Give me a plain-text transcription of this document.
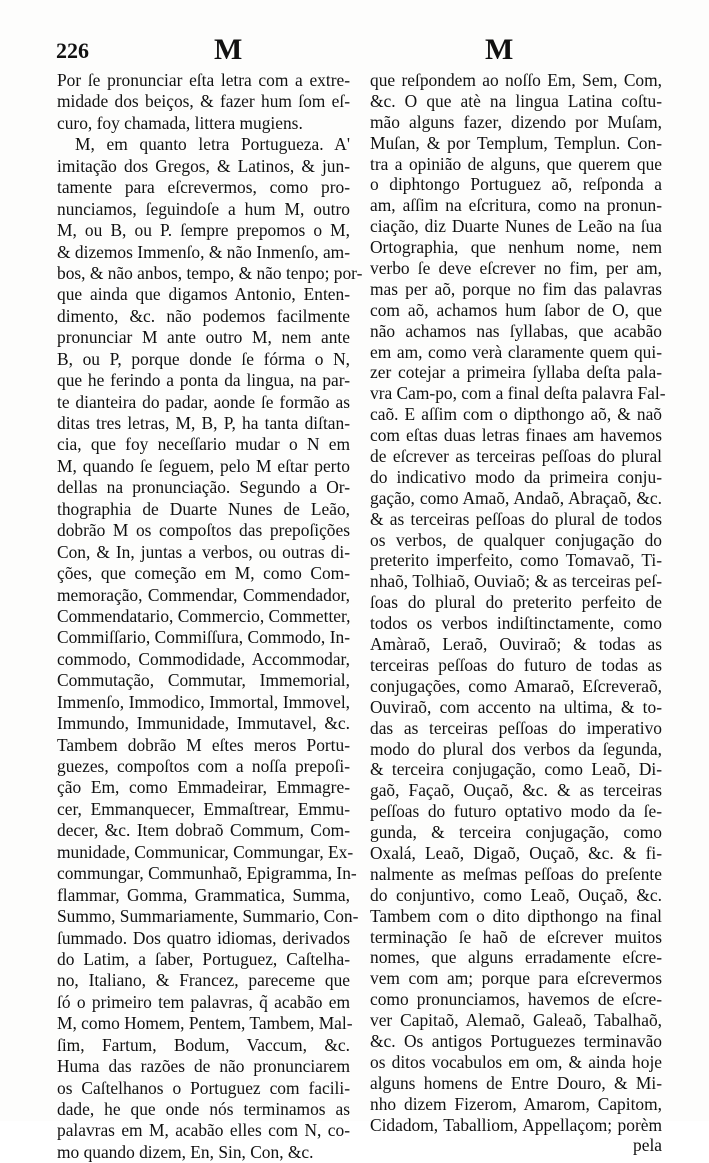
226	M	M
Por ſe pronunciar eſta letra com a extre-
midade dos beiços, & fazer hum ſom eſ-
curo, foy chamada, littera mugiens.
M, em quanto letra Portugueza. A'
imitação dos Gregos, & Latinos, & jun-
tamente para eſcrevermos, como pro-
nunciamos, ſeguindoſe a hum M, outro
M, ou B, ou P. ſempre prepomos o M,
& dizemos Immenſo, & não Inmenſo, am-
bos, & não anbos, tempo, & não tenpo; por-
que ainda que digamos Antonio, Enten-
dimento, &c. não podemos facilmente
pronunciar M ante outro M, nem ante
B, ou P, porque donde ſe fórma o N,
que he ferindo a ponta da lingua, na par-
te dianteira do padar, aonde ſe formão as
ditas tres letras, M, B, P, ha tanta diſtan-
cia, que foy neceſſario mudar o N em
M, quando ſe ſeguem, pelo M eſtar perto
dellas na pronunciação. Segundo a Or-
thographia de Duarte Nunes de Leão,
dobrão M os compoſtos das prepoſições
Con, & In, juntas a verbos, ou outras di-
ções, que começão em M, como Com-
memoração, Commendar, Commendador,
Commendatario, Commercio, Commetter,
Commiſſario, Commiſſura, Commodo, In-
commodo, Commodidade, Accommodar,
Commutação, Commutar, Immemorial,
Immenſo, Immodico, Immortal, Immovel,
Immundo, Immunidade, Immutavel, &c.
Tambem dobrão M eſtes meros Portu-
guezes, compoſtos com a noſſa prepoſi-
ção Em, como Emmadeirar, Emmagre-
cer, Emmanquecer, Emmaſtrear, Emmu-
decer, &c. Item dobraõ Commum, Com-
munidade, Communicar, Commungar, Ex-
commungar, Communhaõ, Epigramma, In-
flammar, Gomma, Grammatica, Summa,
Summo, Summariamente, Summario, Con-
ſummado. Dos quatro idiomas, derivados
do Latim, a ſaber, Portuguez, Caſtelha-
no, Italiano, & Francez, pareceme que
ſó o primeiro tem palavras, q̃ acabão em
M, como Homem, Pentem, Tambem, Mal-
ſim, Fartum, Bodum, Vaccum, &c.
Huma das razões de não pronunciarem
os Caſtelhanos o Portuguez com facili-
dade, he que onde nós terminamos as
palavras em M, acabão elles com N, co-
mo quando dizem, En, Sin, Con, &c.
que reſpondem ao noſſo Em, Sem, Com,
&c. O que atè na lingua Latina coſtu-
mão alguns fazer, dizendo por Muſam,
Muſan, & por Templum, Templun. Con-
tra a opinião de alguns, que querem que
o diphtongo Portuguez aõ, reſponda a
am, aſſim na eſcritura, como na pronun-
ciação, diz Duarte Nunes de Leão na ſua
Ortographia, que nenhum nome, nem
verbo ſe deve eſcrever no fim, per am,
mas per aõ, porque no fim das palavras
com aõ, achamos hum ſabor de O, que
não achamos nas ſyllabas, que acabão
em am, como verà claramente quem qui-
zer cotejar a primeira ſyllaba deſta pala-
vra Cam-po, com a final deſta palavra Fal-
caõ. E aſſim com o dipthongo aõ, & naõ
com eſtas duas letras finaes am havemos
de eſcrever as terceiras peſſoas do plural
do indicativo modo da primeira conju-
gação, como Amaõ, Andaõ, Abraçaõ, &c.
& as terceiras peſſoas do plural de todos
os verbos, de qualquer conjugação do
preterito imperfeito, como Tomavaõ, Ti-
nhaõ, Tolhiaõ, Ouviaõ; & as terceiras peſ-
ſoas do plural do preterito perfeito de
todos os verbos indiſtinctamente, como
Amàraõ, Leraõ, Ouviraõ; & todas as
terceiras peſſoas do futuro de todas as
conjugações, como Amaraõ, Eſcreveraõ,
Ouviraõ, com accento na ultima, & to-
das as terceiras peſſoas do imperativo
modo do plural dos verbos da ſegunda,
& terceira conjugação, como Leaõ, Di-
gaõ, Façaõ, Ouçaõ, &c. & as terceiras
peſſoas do futuro optativo modo da ſe-
gunda, & terceira conjugação, como
Oxalá, Leaõ, Digaõ, Ouçaõ, &c. & fi-
nalmente as meſmas peſſoas do preſente
do conjuntivo, como Leaõ, Ouçaõ, &c.
Tambem com o dito dipthongo na final
terminação ſe haõ de eſcrever muitos
nomes, que alguns erradamente eſcre-
vem com am; porque para eſcrevermos
como pronunciamos, havemos de eſcre-
ver Capitaõ, Alemaõ, Galeaõ, Tabalhaõ,
&c. Os antigos Portuguezes terminavão
os ditos vocabulos em om, & ainda hoje
alguns homens de Entre Douro, & Mi-
nho dizem Fizerom, Amarom, Capitom,
Cidadom, Taballiom, Appellaçom; porèm
pela
